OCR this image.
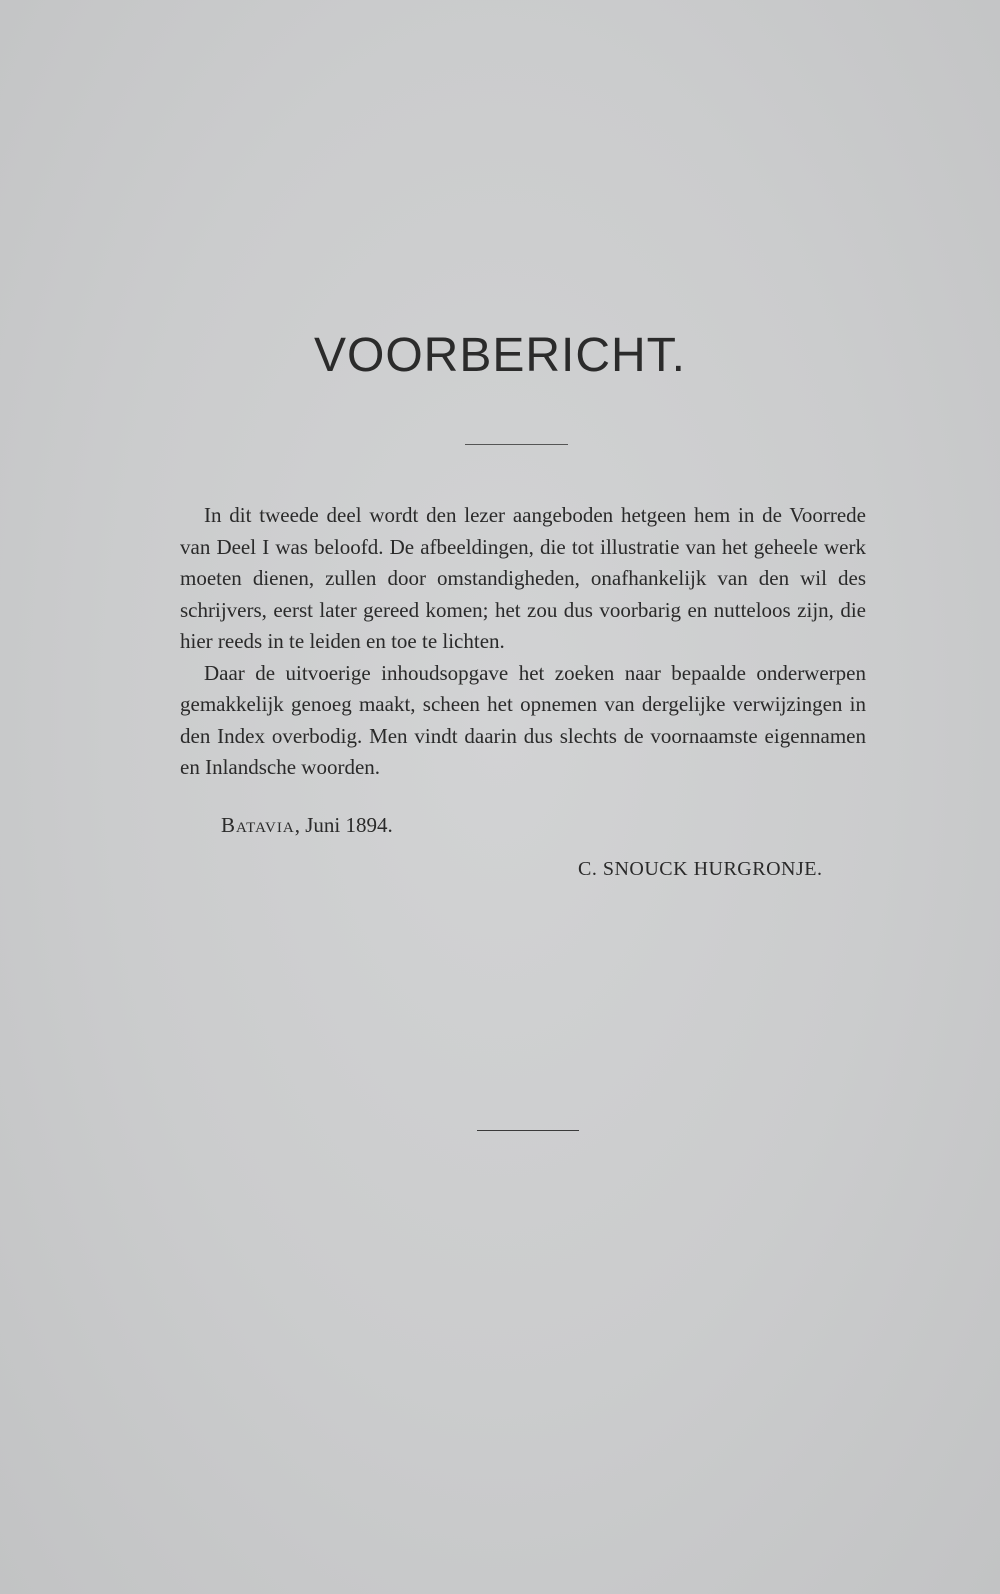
VOORBERICHT.

In dit tweede deel wordt den lezer aangeboden hetgeen hem in de Voorrede van Deel I was beloofd. De afbeeldingen, die tot illustratie van het geheele werk moeten dienen, zullen door omstandigheden, onafhankelijk van den wil des schrijvers, eerst later gereed komen; het zou dus voorbarig en nutteloos zijn, die hier reeds in te leiden en toe te lichten.

Daar de uitvoerige inhoudsopgave het zoeken naar bepaalde onderwerpen gemakkelijk genoeg maakt, scheen het opnemen van dergelijke verwijzingen in den Index overbodig. Men vindt daarin dus slechts de voornaamste eigennamen en Inlandsche woorden.

Batavia, Juni 1894.
C. SNOUCK HURGRONJE.
